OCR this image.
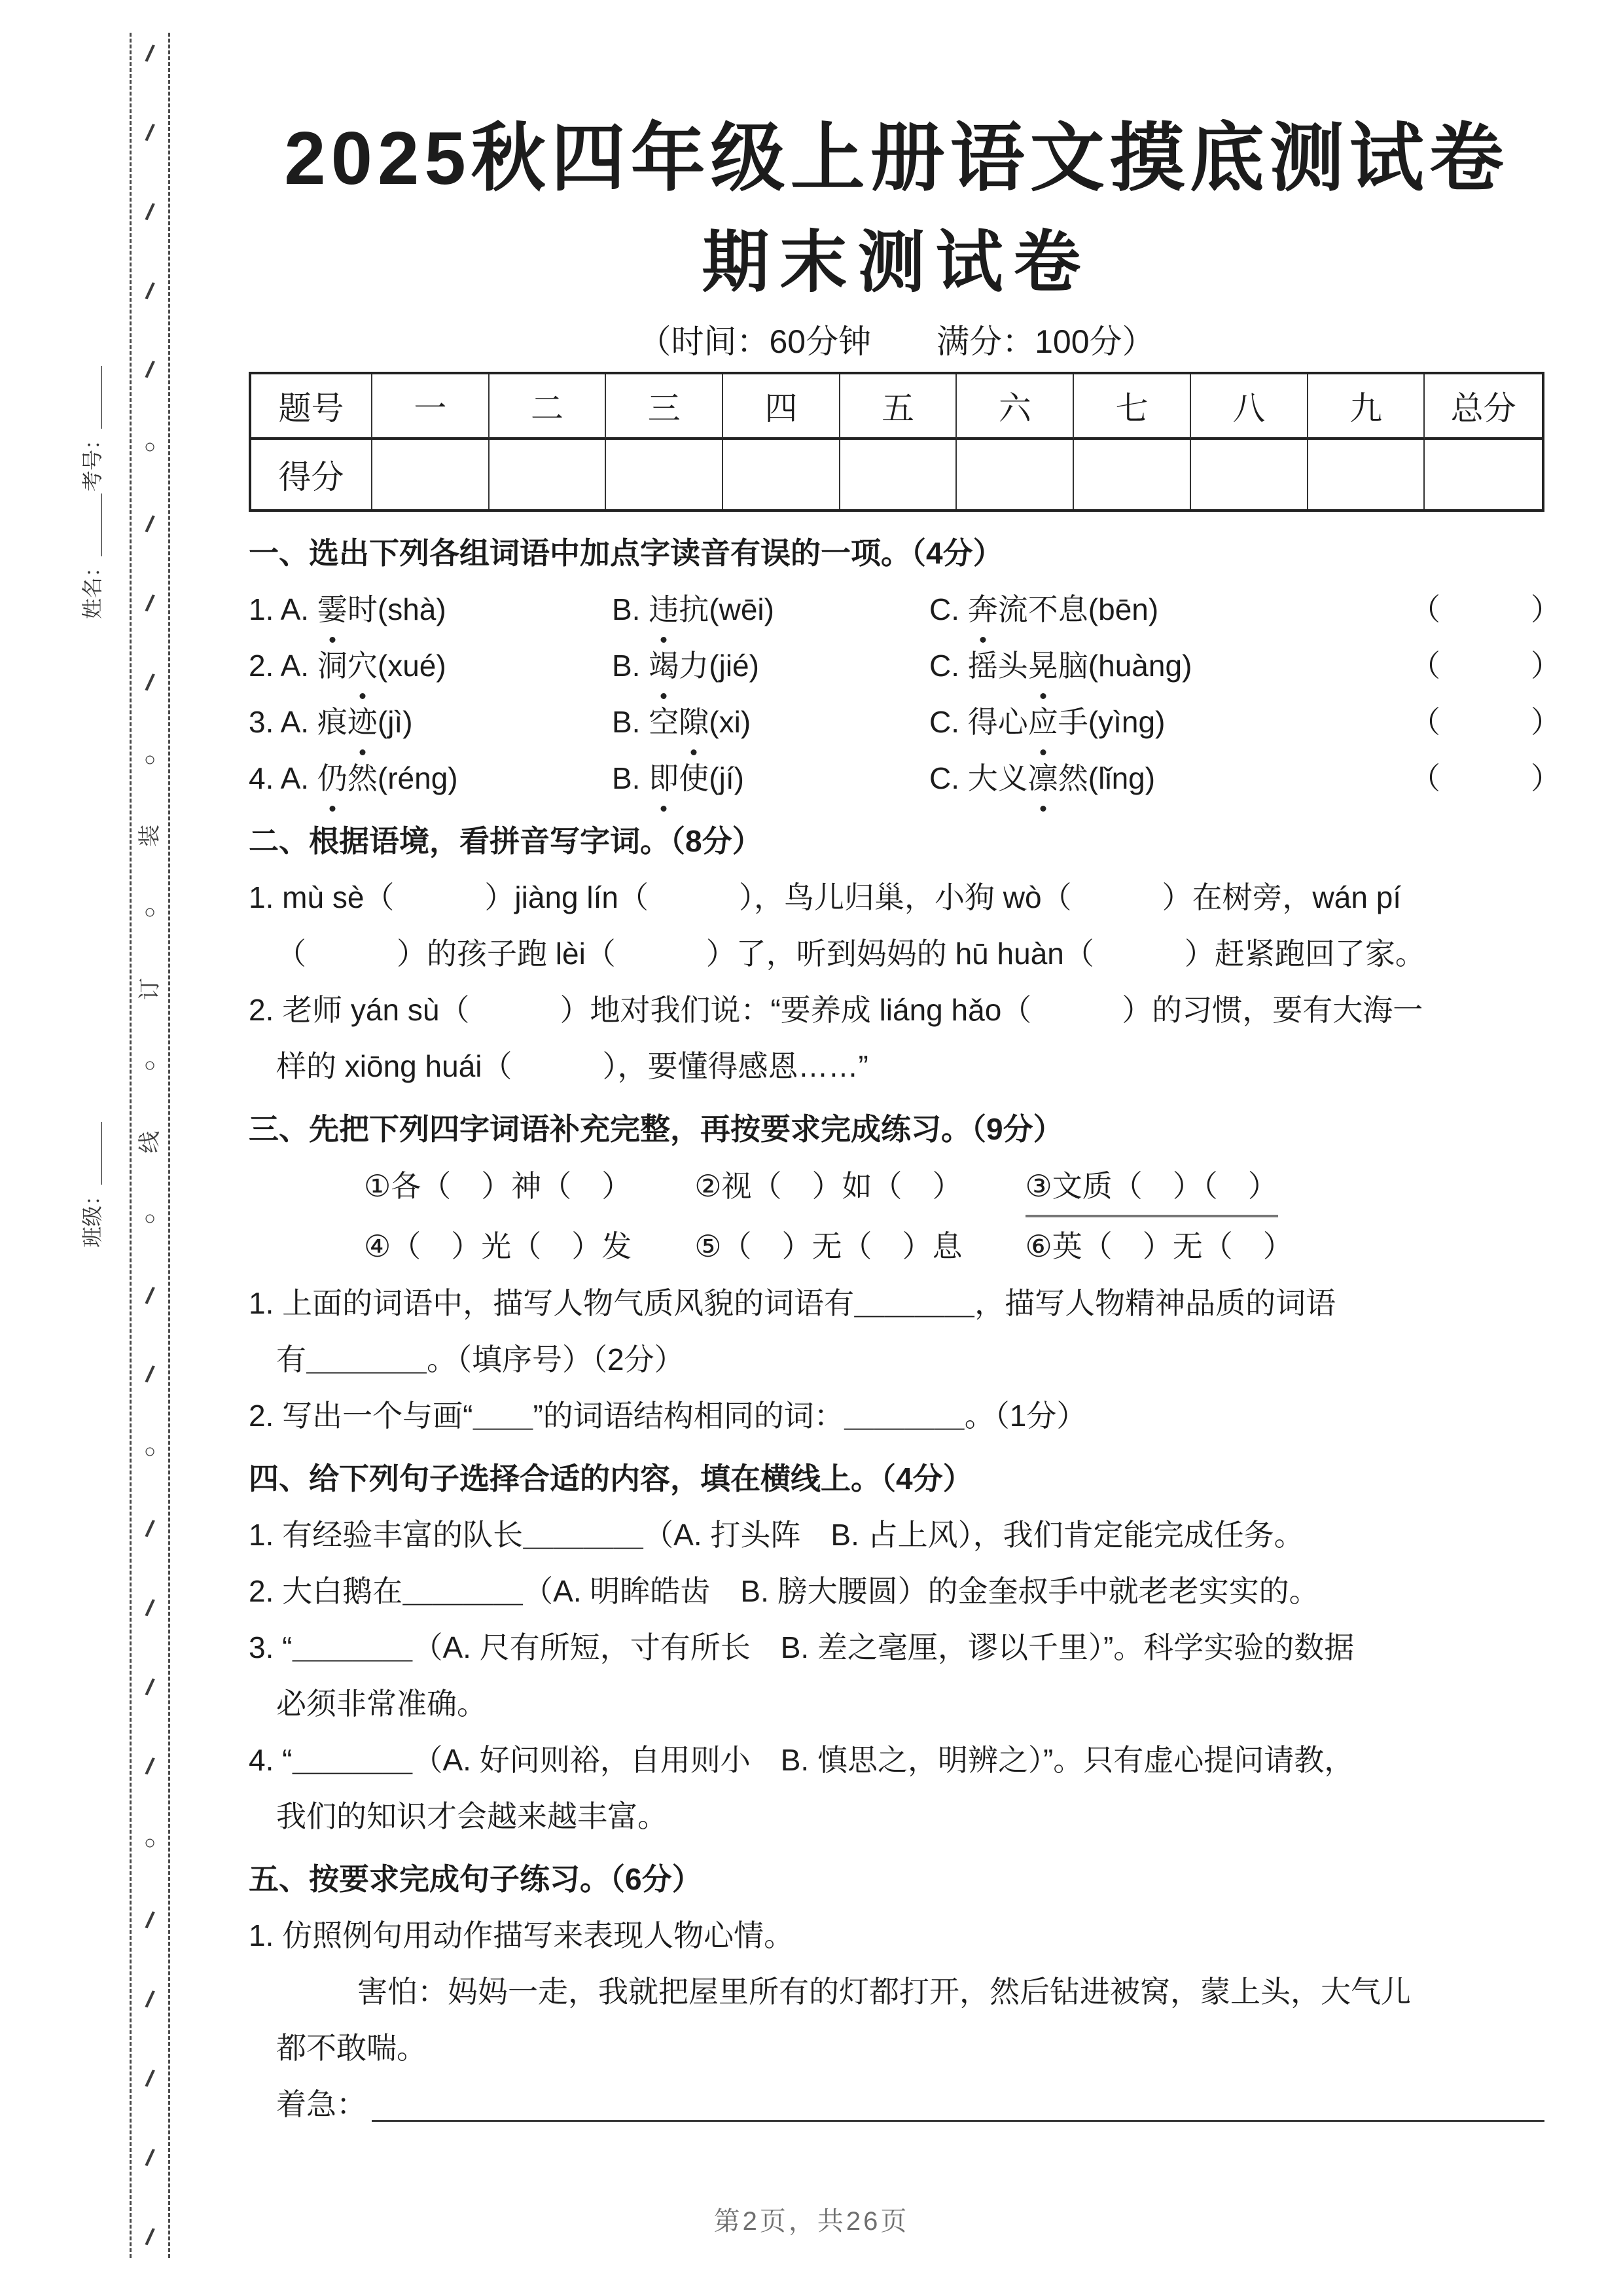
考号：＿＿＿
姓名：＿＿＿
班级：＿＿＿
/
/
/
/
/
○
/
/
/
○
装
○
订
○
线
○
/
/
○
/
/
/
/
○
/
/
/
/
/
2025秋四年级上册语文摸底测试卷
期末测试卷
（时间：60分钟　　满分：100分）
题号	一	二	三	四	五	六	七	八	九	总分
得分
一、选出下列各组词语中加点字读音有误的一项。（4分）
1. A. 霎时(shà)	B. 违抗(wēi)	C. 奔流不息(bēn)	（　　　）
2. A. 洞穴(xué)	B. 竭力(jié)	C. 摇头晃脑(huàng)	（　　　）
3. A. 痕迹(jì)	B. 空隙(xi)	C. 得心应手(yìng)	（　　　）
4. A. 仍然(réng)	B. 即使(jí)	C. 大义凛然(lǐng)	（　　　）
二、根据语境，看拼音写字词。（8分）
1. mù sè（　　　）jiàng lín（　　　），鸟儿归巢，小狗 wò（　　　）在树旁，wán pí
（　　　）的孩子跑 lèi（　　　）了，听到妈妈的 hū huàn（　　　）赶紧跑回了家。
2. 老师 yán sù（　　　）地对我们说：“要养成 liáng hǎo（　　　）的习惯，要有大海一
样的 xiōng huái（　　　），要懂得感恩……”
三、先把下列四字词语补充完整，再按要求完成练习。（9分）
①各（　）神（　） ②视（　）如（　） ③文质（　）（　）
④（　）光（　）发 ⑤（　）无（　）息 ⑥英（　）无（　）
1. 上面的词语中，描写人物气质风貌的词语有＿＿＿＿，描写人物精神品质的词语
有＿＿＿＿。（填序号）（2分）
2. 写出一个与画“＿＿”的词语结构相同的词：＿＿＿＿。（1分）
四、给下列句子选择合适的内容，填在横线上。（4分）
1. 有经验丰富的队长＿＿＿＿（A. 打头阵　B. 占上风），我们肯定能完成任务。
2. 大白鹅在＿＿＿＿（A. 明眸皓齿　B. 膀大腰圆）的金奎叔手中就老老实实的。
3. “＿＿＿＿（A. 尺有所短，寸有所长　B. 差之毫厘，谬以千里）”。科学实验的数据
必须非常准确。
4. “＿＿＿＿（A. 好问则裕，自用则小　B. 慎思之，明辨之）”。只有虚心提问请教，
我们的知识才会越来越丰富。
五、按要求完成句子练习。（6分）
1. 仿照例句用动作描写来表现人物心情。
害怕：妈妈一走，我就把屋里所有的灯都打开，然后钻进被窝，蒙上头，大气儿
都不敢喘。
着急：
第2页，共26页
